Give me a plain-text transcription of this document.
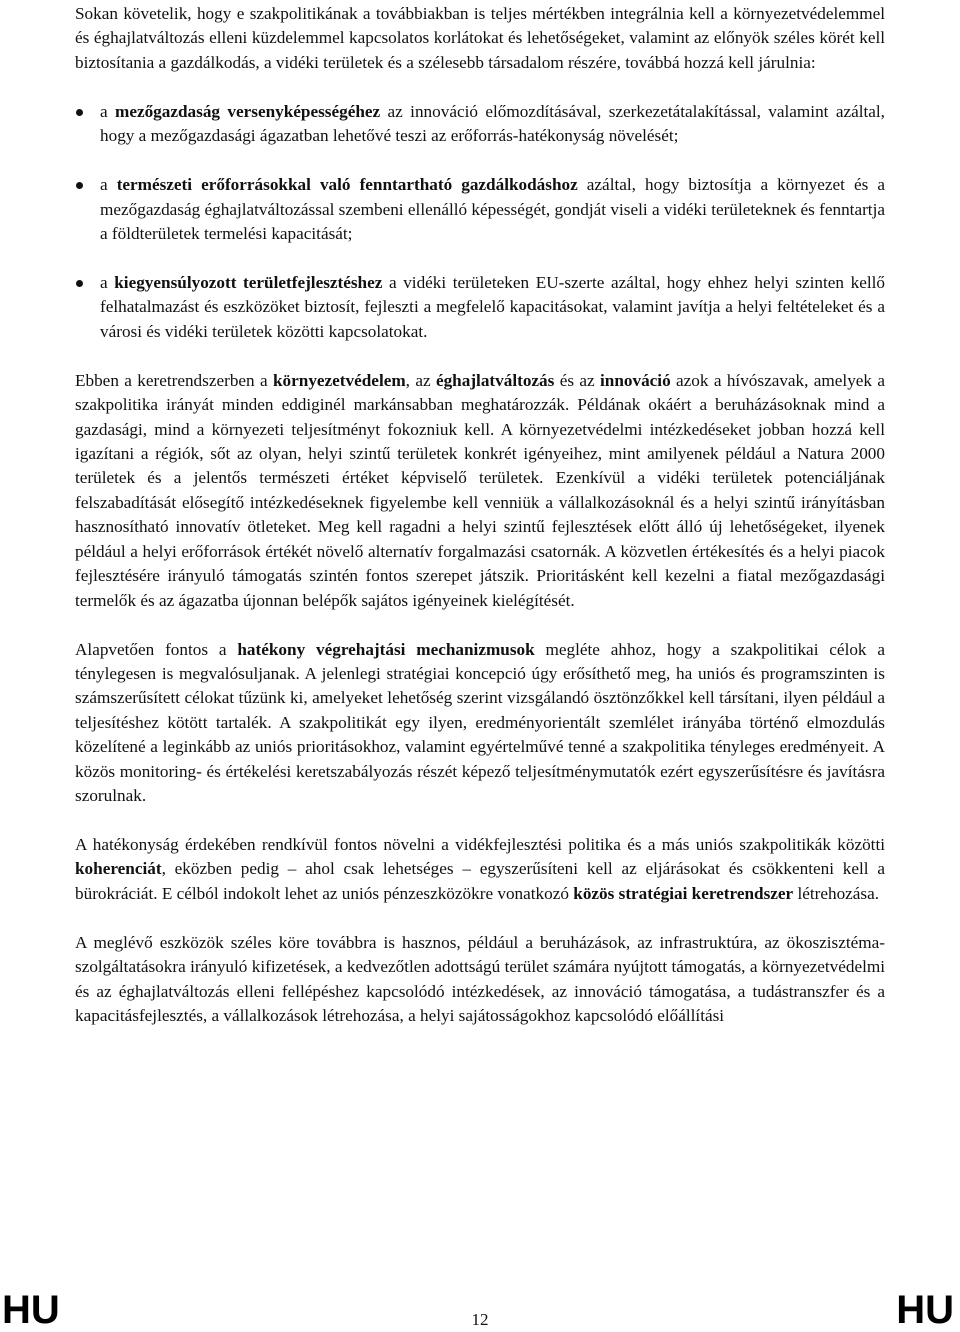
Sokan követelik, hogy e szakpolitikának a továbbiakban is teljes mértékben integrálnia kell a környezetvédelemmel és éghajlatváltozás elleni küzdelemmel kapcsolatos korlátokat és lehetőségeket, valamint az előnyök széles körét kell biztosítania a gazdálkodás, a vidéki területek és a szélesebb társadalom részére, továbbá hozzá kell járulnia:

a mezőgazdaság versenyképességéhez az innováció előmozdításával, szerkezetátalakítással, valamint azáltal, hogy a mezőgazdasági ágazatban lehetővé teszi az erőforrás-hatékonyság növelését;
a természeti erőforrásokkal való fenntartható gazdálkodáshoz azáltal, hogy biztosítja a környezet és a mezőgazdaság éghajlatváltozással szembeni ellenálló képességét, gondját viseli a vidéki területeknek és fenntartja a földterületek termelési kapacitását;
a kiegyensúlyozott területfejlesztéshez a vidéki területeken EU-szerte azáltal, hogy ehhez helyi szinten kellő felhatalmazást és eszközöket biztosít, fejleszti a megfelelő kapacitásokat, valamint javítja a helyi feltételeket és a városi és vidéki területek közötti kapcsolatokat.

Ebben a keretrendszerben a környezetvédelem, az éghajlatváltozás és az innováció azok a hívószavak, amelyek a szakpolitika irányát minden eddiginél markánsabban meghatározzák. Példának okáért a beruházásoknak mind a gazdasági, mind a környezeti teljesítményt fokozniuk kell. A környezetvédelmi intézkedéseket jobban hozzá kell igazítani a régiók, sőt az olyan, helyi szintű területek konkrét igényeihez, mint amilyenek például a Natura 2000 területek és a jelentős természeti értéket képviselő területek. Ezenkívül a vidéki területek potenciáljának felszabadítását elősegítő intézkedéseknek figyelembe kell venniük a vállalkozásoknál és a helyi szintű irányításban hasznosítható innovatív ötleteket. Meg kell ragadni a helyi szintű fejlesztések előtt álló új lehetőségeket, ilyenek például a helyi erőforrások értékét növelő alternatív forgalmazási csatornák. A közvetlen értékesítés és a helyi piacok fejlesztésére irányuló támogatás szintén fontos szerepet játszik. Prioritásként kell kezelni a fiatal mezőgazdasági termelők és az ágazatba újonnan belépők sajátos igényeinek kielégítését.

Alapvetően fontos a hatékony végrehajtási mechanizmusok megléte ahhoz, hogy a szakpolitikai célok a ténylegesen is megvalósuljanak. A jelenlegi stratégiai koncepció úgy erősíthető meg, ha uniós és programszinten is számszerűsített célokat tűzünk ki, amelyeket lehetőség szerint vizsgálandó ösztönzőkkel kell társítani, ilyen például a teljesítéshez kötött tartalék. A szakpolitikát egy ilyen, eredményorientált szemlélet irányába történő elmozdulás közelítené a leginkább az uniós prioritásokhoz, valamint egyértelművé tenné a szakpolitika tényleges eredményeit. A közös monitoring- és értékelési keretszabályozás részét képező teljesítménymutatók ezért egyszerűsítésre és javításra szorulnak.

A hatékonyság érdekében rendkívül fontos növelni a vidékfejlesztési politika és a más uniós szakpolitikák közötti koherenciát, eközben pedig – ahol csak lehetséges – egyszerűsíteni kell az eljárásokat és csökkenteni kell a bürokráciát. E célból indokolt lehet az uniós pénzeszközökre vonatkozó közös stratégiai keretrendszer létrehozása.

A meglévő eszközök széles köre továbbra is hasznos, például a beruházások, az infrastruktúra, az ökoszisztéma-szolgáltatásokra irányuló kifizetések, a kedvezőtlen adottságú terület számára nyújtott támogatás, a környezetvédelmi és az éghajlatváltozás elleni fellépéshez kapcsolódó intézkedések, az innováció támogatása, a tudástranszfer és a kapacitásfejlesztés, a vállalkozások létrehozása, a helyi sajátosságokhoz kapcsolódó előállítási

HU	12	HU
